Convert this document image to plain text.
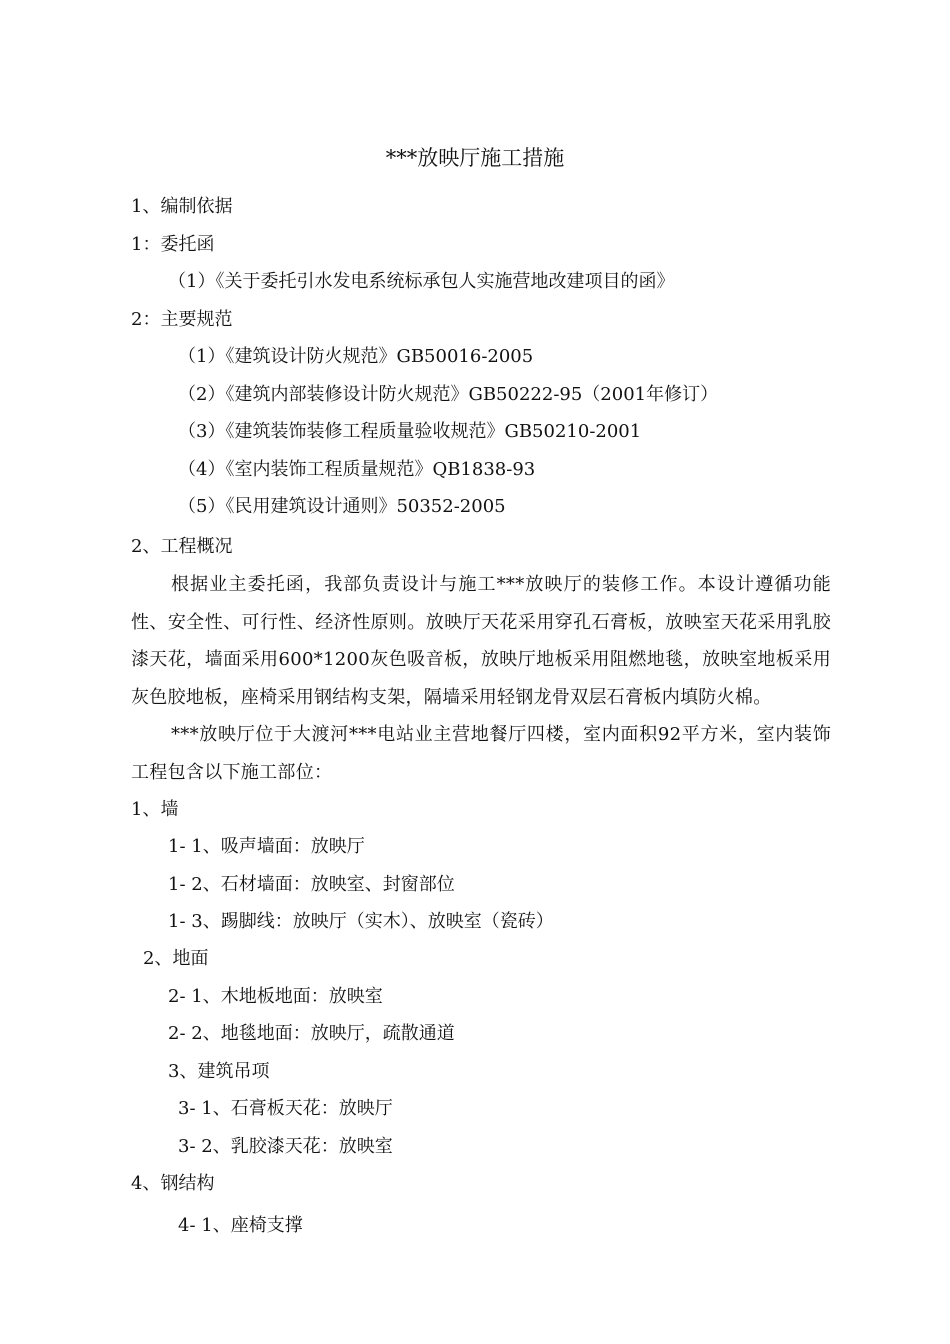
***放映厅施工措施
1、编制依据
1：委托函
（1）《关于委托引水发电系统标承包人实施营地改建项目的函》
2：主要规范
（1）《建筑设计防火规范》GB50016-2005
（2）《建筑内部装修设计防火规范》GB50222-95（2001年修订）
（3）《建筑装饰装修工程质量验收规范》GB50210-2001
（4）《室内装饰工程质量规范》QB1838-93
（5）《民用建筑设计通则》50352-2005
2、工程概况
根据业主委托函，我部负责设计与施工***放映厅的装修工作。本设计遵循功能性、安全性、可行性、经济性原则。放映厅天花采用穿孔石膏板，放映室天花采用乳胶漆天花，墙面采用600*1200灰色吸音板，放映厅地板采用阻燃地毯，放映室地板采用灰色胶地板，座椅采用钢结构支架，隔墙采用轻钢龙骨双层石膏板内填防火棉。
***放映厅位于大渡河***电站业主营地餐厅四楼，室内面积92平方米，室内装饰工程包含以下施工部位：
1、墙
1- 1、吸声墙面：放映厅
1- 2、石材墙面：放映室、封窗部位
1- 3、踢脚线：放映厅（实木）、放映室（瓷砖）
2、地面
2- 1、木地板地面：放映室
2- 2、地毯地面：放映厅，疏散通道
3、建筑吊项
3- 1、石膏板天花：放映厅
3- 2、乳胶漆天花：放映室
4、钢结构
4- 1、座椅支撑
